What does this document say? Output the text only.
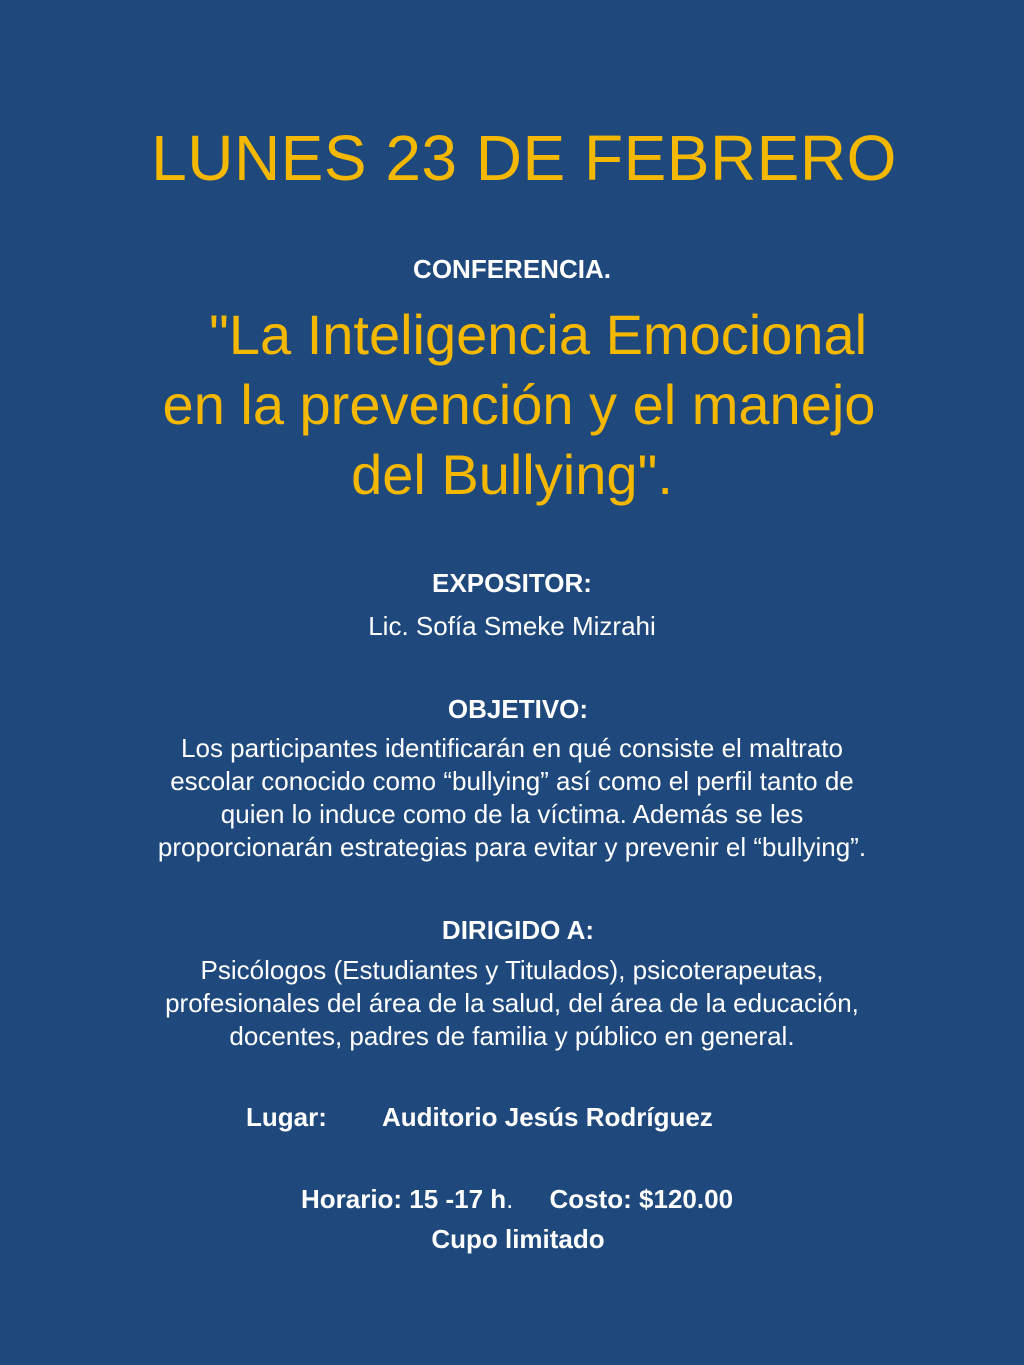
LUNES 23 DE FEBRERO
CONFERENCIA.
"La Inteligencia Emocional
en la prevención y el manejo
del Bullying".
EXPOSITOR:
Lic. Sofía Smeke Mizrahi
OBJETIVO:
Los participantes identificarán en qué consiste el maltrato
escolar conocido como “bullying” así como el perfil tanto de
quien lo induce como de la víctima. Además se les
proporcionarán estrategias para evitar y prevenir el “bullying”.
DIRIGIDO A:
Psicólogos (Estudiantes y Titulados), psicoterapeutas,
profesionales del área de la salud, del área de la educación,
docentes, padres de familia y público en general.
Lugar: Auditorio Jesús Rodríguez
Horario: 15 -17 h. Costo: $120.00
Cupo limitado
